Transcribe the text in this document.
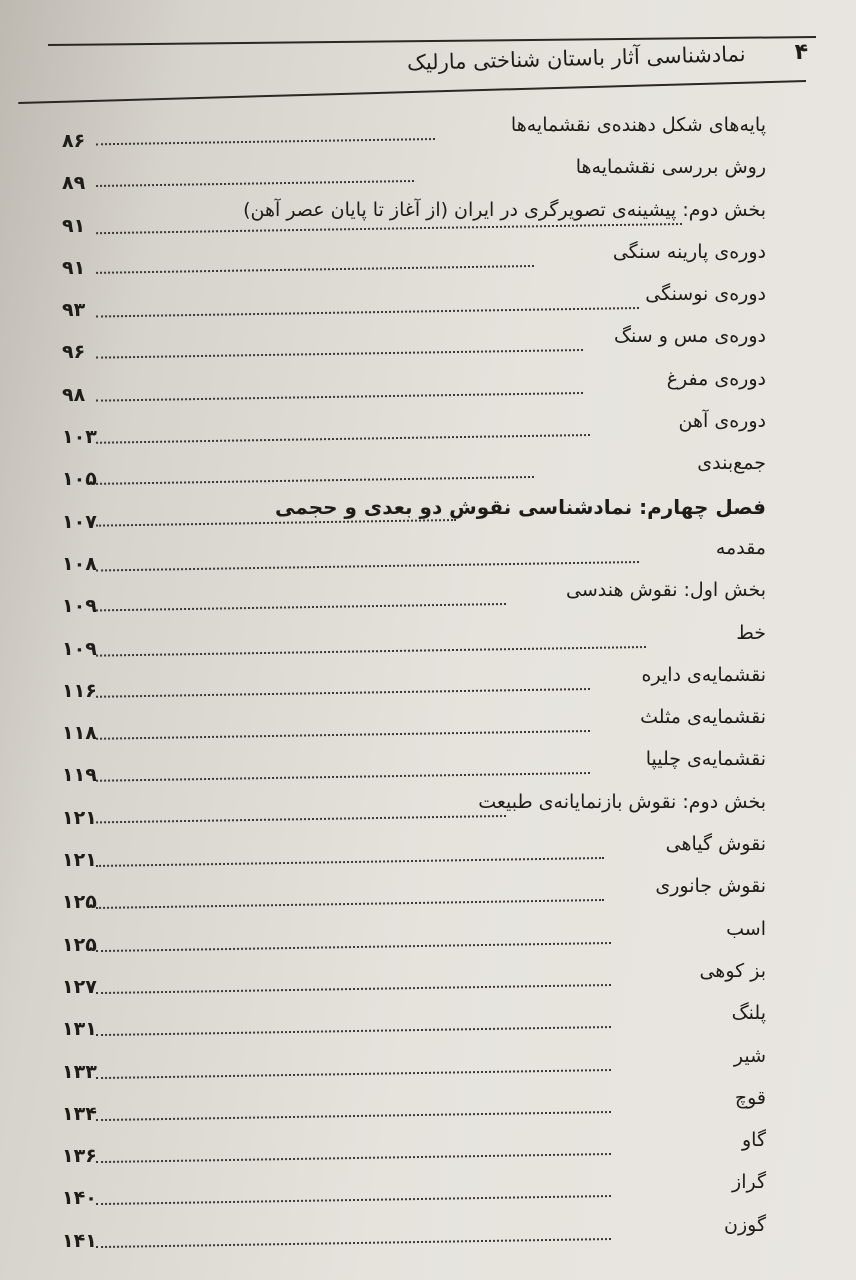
نمادشناسی آثار باستان شناختی مارلیک ۴
پایه‌های شکل دهنده‌ی نقشمایه‌ها
۸۶
روش بررسی نقشمایه‌ها
۸۹
بخش دوم: پیشینه‌ی تصویرگری در ایران (از آغاز تا پایان عصر آهن)
۹۱
دوره‌ی پارینه سنگی
۹۱
دوره‌ی نوسنگی
۹۳
دوره‌ی مس و سنگ
۹۶
دوره‌ی مفرغ
۹۸
دوره‌ی آهن
۱۰۳
جمع‌بندی
۱۰۵
فصل چهارم: نمادشناسی نقوش دو بعدی و حجمی
۱۰۷
مقدمه
۱۰۸
بخش اول: نقوش هندسی
۱۰۹
خط
۱۰۹
نقشمایه‌ی دایره
۱۱۶
نقشمایه‌ی مثلث
۱۱۸
نقشمایه‌ی چلیپا
۱۱۹
بخش دوم: نقوش بازنمایانه‌ی طبیعت
۱۲۱
نقوش گیاهی
۱۲۱
نقوش جانوری
۱۲۵
اسب
۱۲۵
بز کوهی
۱۲۷
پلنگ
۱۳۱
شیر
۱۳۳
قوچ
۱۳۴
گاو
۱۳۶
گراز
۱۴۰
گوزن
۱۴۱
